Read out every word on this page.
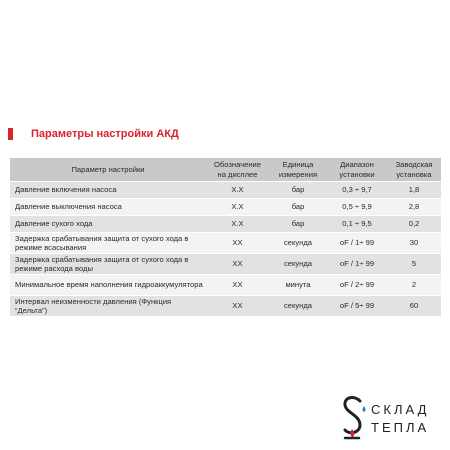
Параметры настройки АКД
Параметр настройки	Обозначение на дисплее	Единица измерения	Диапазон установки	Заводская установка
Давление включения насоса	X.X	бар	0,3 ÷ 9,7	1,8
Давление выключения насоса	X.X	бар	0,5 ÷ 9,9	2,8
Давление сухого хода	X.X	бар	0,1 ÷ 9,5	0,2
Задержка срабатывания защита от сухого хода в режиме всасывания	XX	секунда	oF / 1÷ 99	30
Задержка срабатывания защита от сухого хода в режиме расхода воды	XX	секунда	oF / 1÷ 99	5
Минимальное время наполнения гидроаккумулятора	XX	минута	oF / 2÷ 99	2
Интервал неизменности давления (Функция “Дельта”)	XX	секунда	oF / 5÷ 99	60
СКЛАД
ТЕПЛА
